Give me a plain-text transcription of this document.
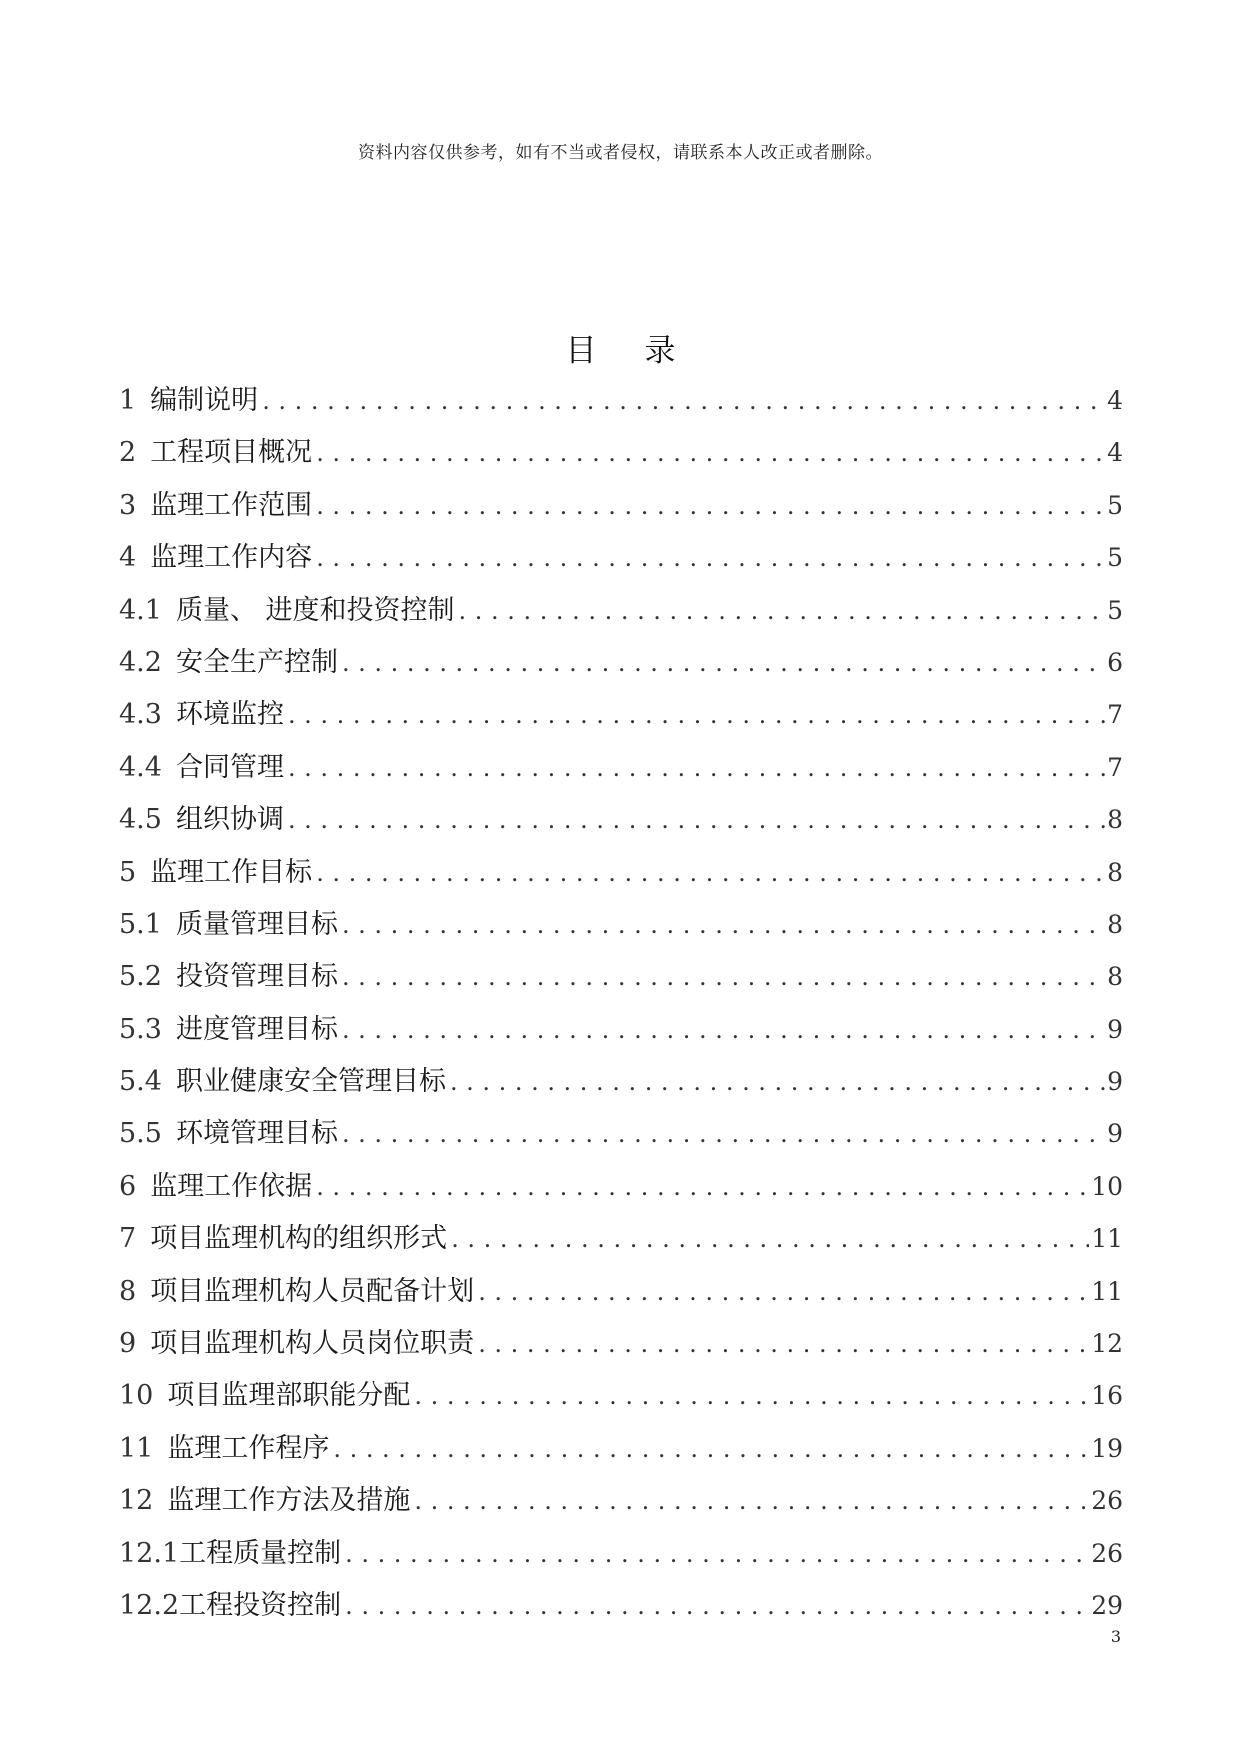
资料内容仅供参考，如有不当或者侵权，请联系本人改正或者删除。
目 录
1 编制说明 .....	4
2 工程项目概况 .....	4
3 监理工作范围 .....	5
4 监理工作内容 .....	5
4.1 质量、 进度和投资控制 .....	5
4.2 安全生产控制 .....	6
4.3 环境监控 .....	7
4.4 合同管理 .....	7
4.5 组织协调 .....	8
5 监理工作目标 .....	8
5.1 质量管理目标 .....	8
5.2 投资管理目标 .....	8
5.3 进度管理目标 .....	9
5.4 职业健康安全管理目标 .....	9
5.5 环境管理目标 .....	9
6 监理工作依据 .....	10
7 项目监理机构的组织形式 .....	11
8 项目监理机构人员配备计划 .....	11
9 项目监理机构人员岗位职责 .....	12
10 项目监理部职能分配 .....	16
11 监理工作程序 .....	19
12 监理工作方法及措施 .....	26
12.1工程质量控制 .....	26
12.2工程投资控制 .....	29
3
